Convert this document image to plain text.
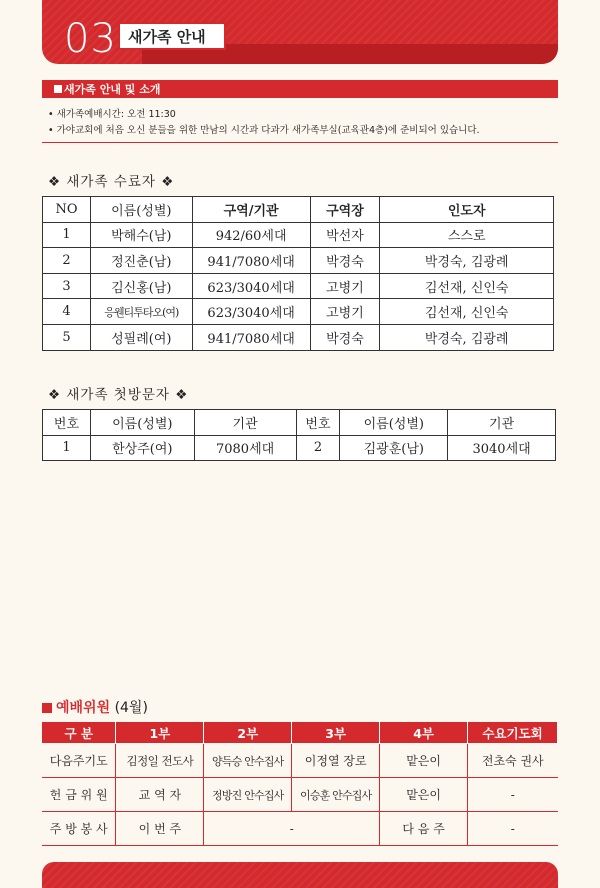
03 새가족 안내
새가족 안내 및 소개
• 새가족예배시간: 오전 11:30
• 가야교회에 처음 오신 분들을 위한 만남의 시간과 다과가 새가족부실(교육관4층)에 준비되어 있습니다.
❖ 새가족 수료자 ❖
NO	이름(성별)	구역/기관	구역장	인도자
1	박해수(남)	942/60세대	박선자	스스로
2	정진춘(남)	941/7080세대	박경숙	박경숙, 김광례
3	김신홍(남)	623/3040세대	고병기	김선재, 신인숙
4	응웬티투타오(여)	623/3040세대	고병기	김선재, 신인숙
5	성필례(여)	941/7080세대	박경숙	박경숙, 김광례
❖ 새가족 첫방문자 ❖
번호	이름(성별)	기관	번호	이름(성별)	기관
1	한상주(여)	7080세대	2	김광훈(남)	3040세대
예배위원 (4월)
구 분	1부	2부	3부	4부	수요기도회
다음주기도	김정일 전도사	양득승 안수집사	이정열 장로	맡은이	전초숙 권사
헌 금 위 원	교 역 자	정방진 안수집사	이승훈 안수집사	맡은이	-
주 방 봉 사	이 번 주	-		다 음 주	-
